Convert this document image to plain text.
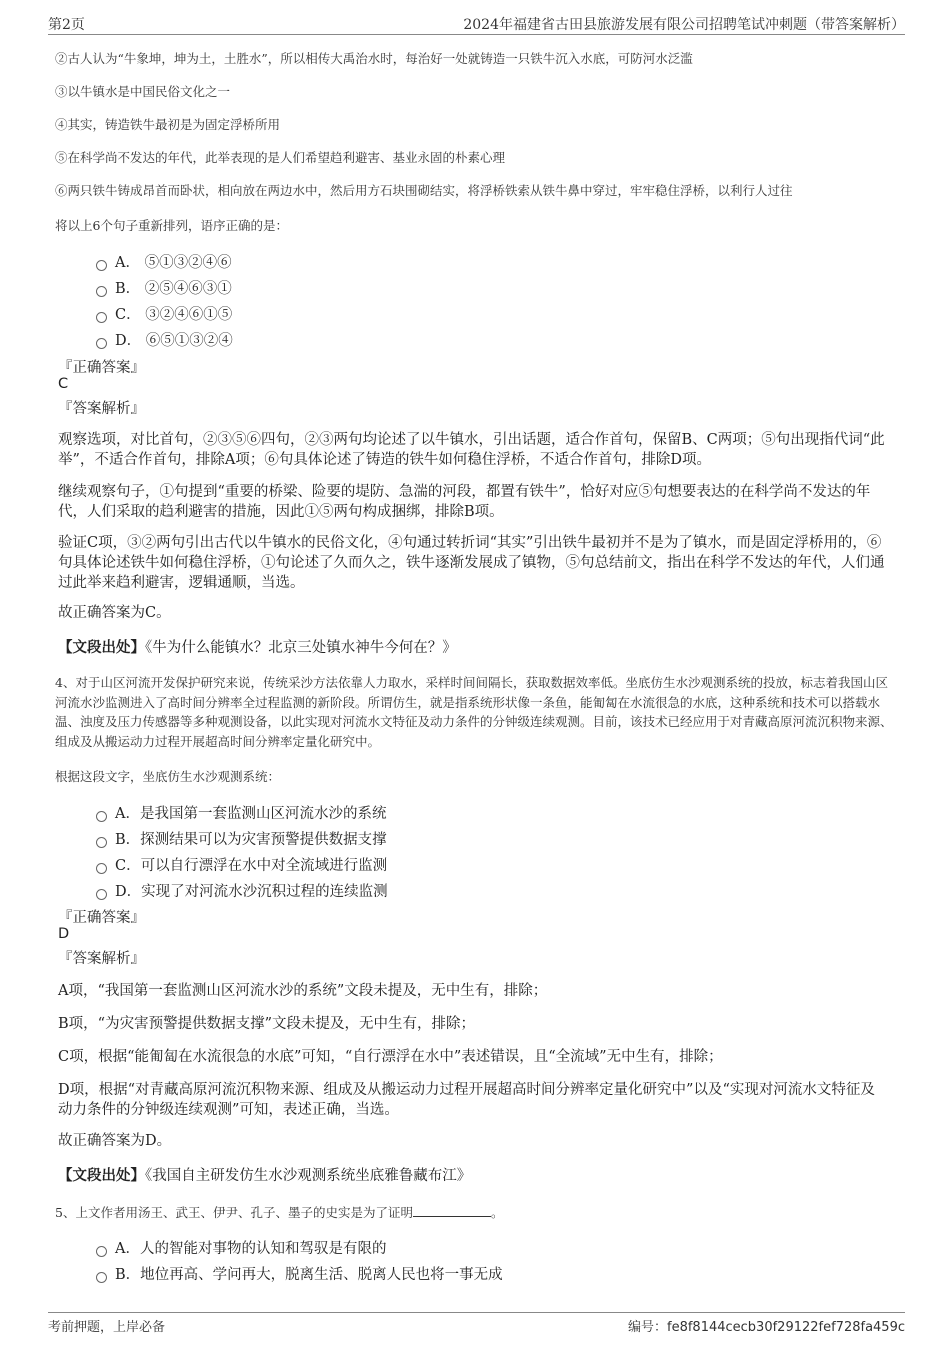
第2页	2024年福建省古田县旅游发展有限公司招聘笔试冲刺题（带答案解析）
②古人认为“牛象坤，坤为土，土胜水”，所以相传大禹治水时，每治好一处就铸造一只铁牛沉入水底，可防河水泛滥
③以牛镇水是中国民俗文化之一
④其实，铸造铁牛最初是为固定浮桥所用
⑤在科学尚不发达的年代，此举表现的是人们希望趋利避害、基业永固的朴素心理
⑥两只铁牛铸成昂首而卧状，相向放在两边水中，然后用方石块围砌结实，将浮桥铁索从铁牛鼻中穿过，牢牢稳住浮桥，以利行人过往
将以上6个句子重新排列，语序正确的是：
A． ⑤①③②④⑥
B． ②⑤④⑥③①
C． ③②④⑥①⑤
D． ⑥⑤①③②④
『正确答案』
C
『答案解析』
观察选项，对比首句，②③⑤⑥四句，②③两句均论述了以牛镇水，引出话题，适合作首句，保留B、C两项；⑤句出现指代词“此举”，不适合作首句，排除A项；⑥句具体论述了铸造的铁牛如何稳住浮桥，不适合作首句，排除D项。
继续观察句子，①句提到“重要的桥梁、险要的堤防、急湍的河段，都置有铁牛”，恰好对应⑤句想要表达的在科学尚不发达的年代，人们采取的趋利避害的措施，因此①⑤两句构成捆绑，排除B项。
验证C项，③②两句引出古代以牛镇水的民俗文化，④句通过转折词“其实”引出铁牛最初并不是为了镇水，而是固定浮桥用的，⑥句具体论述铁牛如何稳住浮桥，①句论述了久而久之，铁牛逐渐发展成了镇物，⑤句总结前文，指出在科学不发达的年代，人们通过此举来趋利避害，逻辑通顺，当选。
故正确答案为C。
【文段出处】《牛为什么能镇水？北京三处镇水神牛今何在？》
4、对于山区河流开发保护研究来说，传统采沙方法依靠人力取水，采样时间间隔长，获取数据效率低。坐底仿生水沙观测系统的投放，标志着我国山区河流水沙监测进入了高时间分辨率全过程监测的新阶段。所谓仿生，就是指系统形状像一条鱼，能匍匐在水流很急的水底，这种系统和技术可以搭载水温、浊度及压力传感器等多种观测设备，以此实现对河流水文特征及动力条件的分钟级连续观测。目前，该技术已经应用于对青藏高原河流沉积物来源、组成及从搬运动力过程开展超高时间分辨率定量化研究中。
根据这段文字，坐底仿生水沙观测系统：
A．是我国第一套监测山区河流水沙的系统
B．探测结果可以为灾害预警提供数据支撑
C．可以自行漂浮在水中对全流域进行监测
D．实现了对河流水沙沉积过程的连续监测
『正确答案』
D
『答案解析』
A项，“我国第一套监测山区河流水沙的系统”文段未提及，无中生有，排除；
B项，“为灾害预警提供数据支撑”文段未提及，无中生有，排除；
C项，根据“能匍匐在水流很急的水底”可知，“自行漂浮在水中”表述错误，且“全流域”无中生有，排除；
D项，根据“对青藏高原河流沉积物来源、组成及从搬运动力过程开展超高时间分辨率定量化研究中”以及“实现对河流水文特征及动力条件的分钟级连续观测”可知，表述正确，当选。
故正确答案为D。
【文段出处】《我国自主研发仿生水沙观测系统坐底雅鲁藏布江》
5、上文作者用汤王、武王、伊尹、孔子、墨子的史实是为了证明	。
A．人的智能对事物的认知和驾驭是有限的
B．地位再高、学问再大，脱离生活、脱离人民也将一事无成
考前押题，上岸必备	编号：fe8f8144cecb30f29122fef728fa459c
